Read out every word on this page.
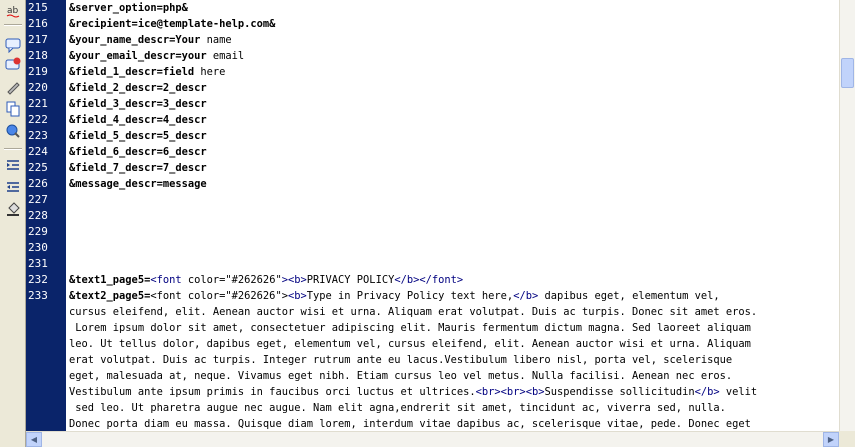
ab 215
216
217
218
219
220
221
222
223
224
225
226
227
228
229
230
231
232
233
&server_option=php&
&recipient=ice@template-help.com&
&your_name_descr=Your name
&your_email_descr=your email
&field_1_descr=field here
&field_2_descr=2_descr
&field_3_descr=3_descr
&field_4_descr=4_descr
&field_5_descr=5_descr
&field_6_descr=6_descr
&field_7_descr=7_descr
&message_descr=message
&text1_page5=<font color="#262626"><b>PRIVACY POLICY</b></font>
&text2_page5=<font color="#262626"><b>Type in Privacy Policy text here,</b> dapibus eget, elementum vel,
cursus eleifend, elit. Aenean auctor wisi et urna. Aliquam erat volutpat. Duis ac turpis. Donec sit amet eros.
Lorem ipsum dolor sit amet, consectetuer adipiscing elit. Mauris fermentum dictum magna. Sed laoreet aliquam
leo. Ut tellus dolor, dapibus eget, elementum vel, cursus eleifend, elit. Aenean auctor wisi et urna. Aliquam
erat volutpat. Duis ac turpis. Integer rutrum ante eu lacus.Vestibulum libero nisl, porta vel, scelerisque
eget, malesuada at, neque. Vivamus eget nibh. Etiam cursus leo vel metus. Nulla facilisi. Aenean nec eros.
Vestibulum ante ipsum primis in faucibus orci luctus et ultrices.<br><br><b>Suspendisse sollicitudin</b> velit
sed leo. Ut pharetra augue nec augue. Nam elit agna,endrerit sit amet, tincidunt ac, viverra sed, nulla.
Donec porta diam eu massa. Quisque diam lorem, interdum vitae dapibus ac, scelerisque vitae, pede. Donec eget
◀	▶
